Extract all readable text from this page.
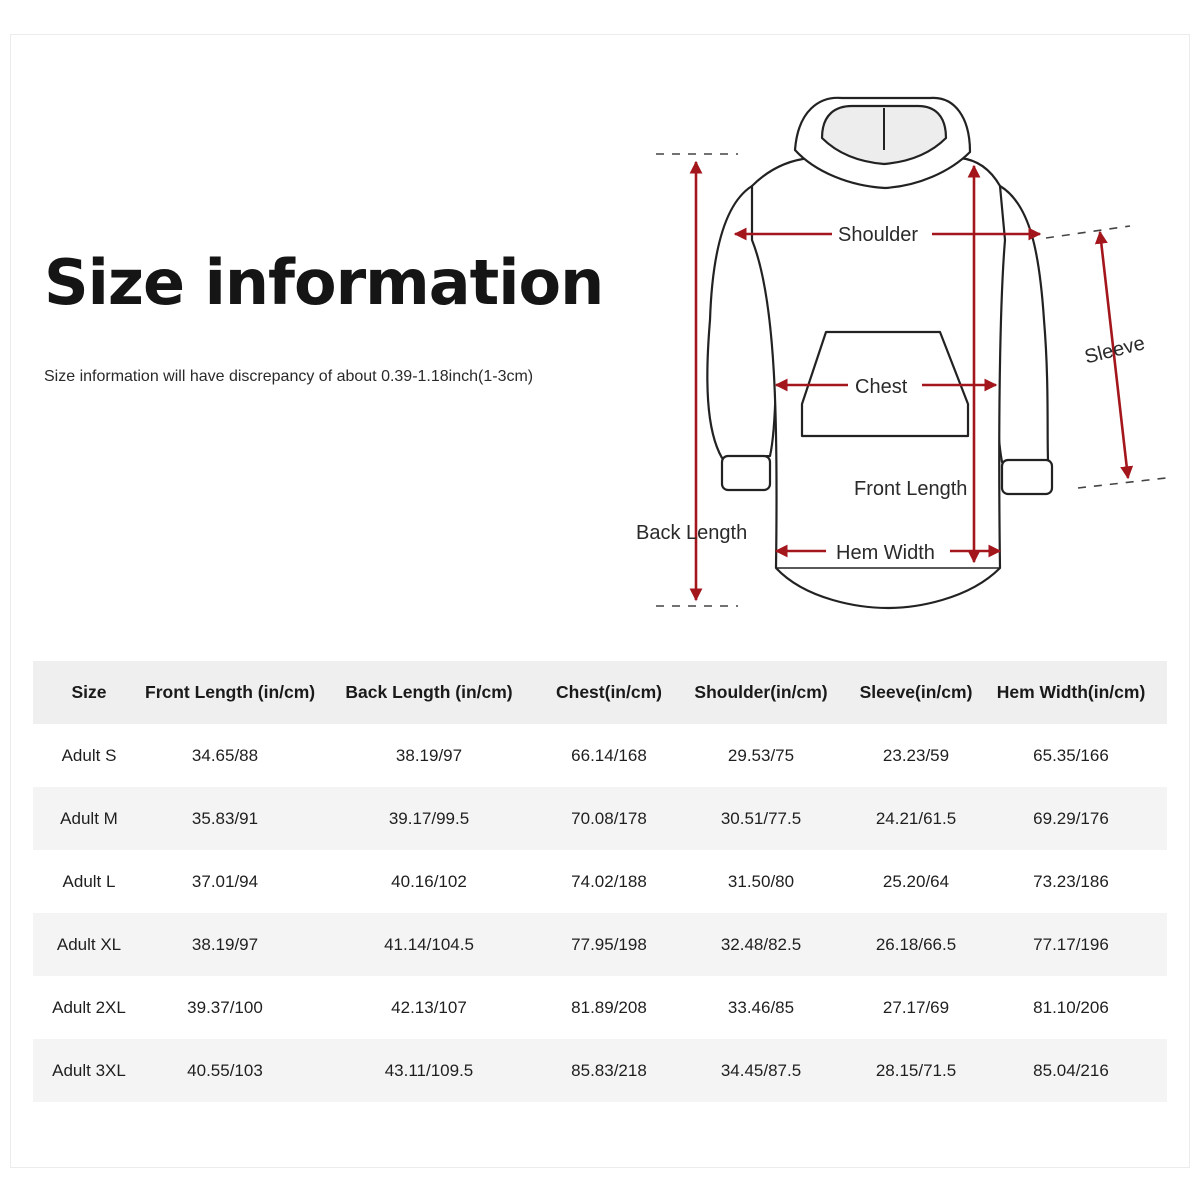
Size information

Size information will have discrepancy of about 0.39-1.18inch(1-3cm)

Shoulder
Chest
Front Length
Back Length
Hem Width
Sleeve
Size	Front Length (in/cm)	Back Length (in/cm)	Chest(in/cm)	Shoulder(in/cm)	Sleeve(in/cm)	Hem Width(in/cm)
Adult S	34.65/88	38.19/97	66.14/168	29.53/75	23.23/59	65.35/166
Adult M	35.83/91	39.17/99.5	70.08/178	30.51/77.5	24.21/61.5	69.29/176
Adult L	37.01/94	40.16/102	74.02/188	31.50/80	25.20/64	73.23/186
Adult XL	38.19/97	41.14/104.5	77.95/198	32.48/82.5	26.18/66.5	77.17/196
Adult 2XL	39.37/100	42.13/107	81.89/208	33.46/85	27.17/69	81.10/206
Adult 3XL	40.55/103	43.11/109.5	85.83/218	34.45/87.5	28.15/71.5	85.04/216
